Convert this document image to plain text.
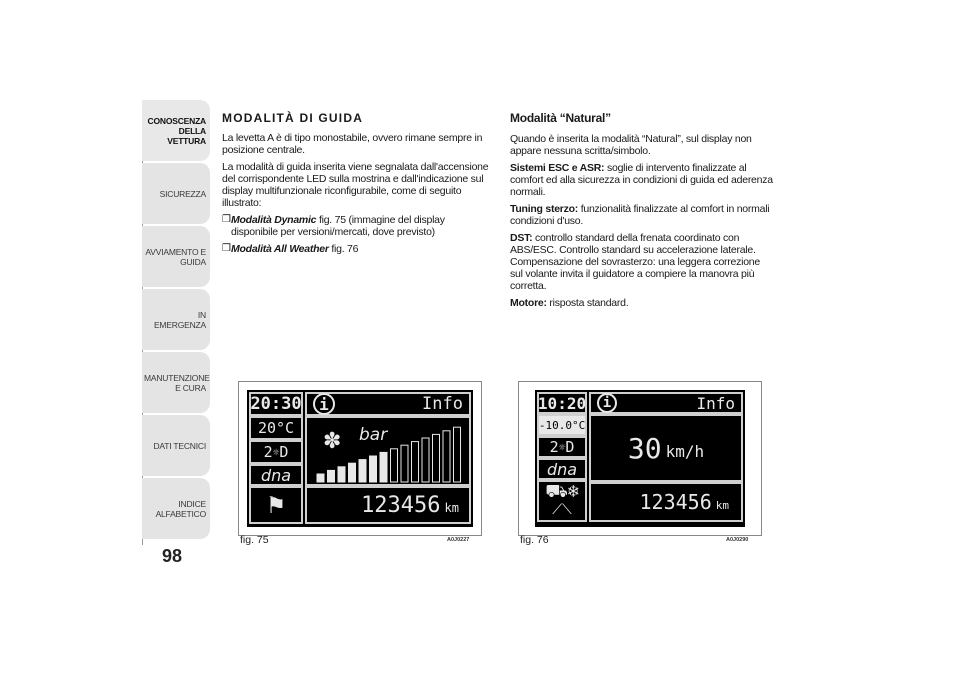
CONOSCENZA DELLA VETTURA
SICUREZZA
AVVIAMENTO E GUIDA
IN EMERGENZA
MANUTENZIONE E CURA
DATI TECNICI
INDICE ALFABETICO
98

MODALITÀ DI GUIDA

La levetta A è di tipo monostabile, ovvero rimane sempre in posizione centrale.

La modalità di guida inserita viene segnalata dall'accensione del corrispondente LED sulla mostrina e dall'indicazione sul display multifunzionale riconfigurabile, come di seguito illustrato:

❒ Modalità Dynamic fig. 75 (immagine del display disponibile per versioni/mercati, dove previsto)
❒ Modalità All Weather fig. 76

Modalità “Natural”

Quando è inserita la modalità “Natural”, sul display non appare nessuna scritta/simbolo.

Sistemi ESC e ASR: soglie di intervento finalizzate al comfort ed alla sicurezza in condizioni di guida ed aderenza normali.

Tuning sterzo: funzionalità finalizzate al comfort in normali condizioni d'uso.

DST: controllo standard della frenata coordinato con ABS/ESC. Controllo standard su accelerazione laterale. Compensazione del sovrasterzo: una leggera correzione sul volante invita il guidatore a compiere la manovra più corretta.

Motore: risposta standard.

20:30
20°C
2 ☼ D
dna
⚑
i	Info
✽ bar
123456 km
fig. 75	A0J0227
10:20
-10.0°C
2 ☼ D
dna
⛟❄
⟋⟍
i	Info
30 km/h
123456 km
fig. 76	A0J0290
